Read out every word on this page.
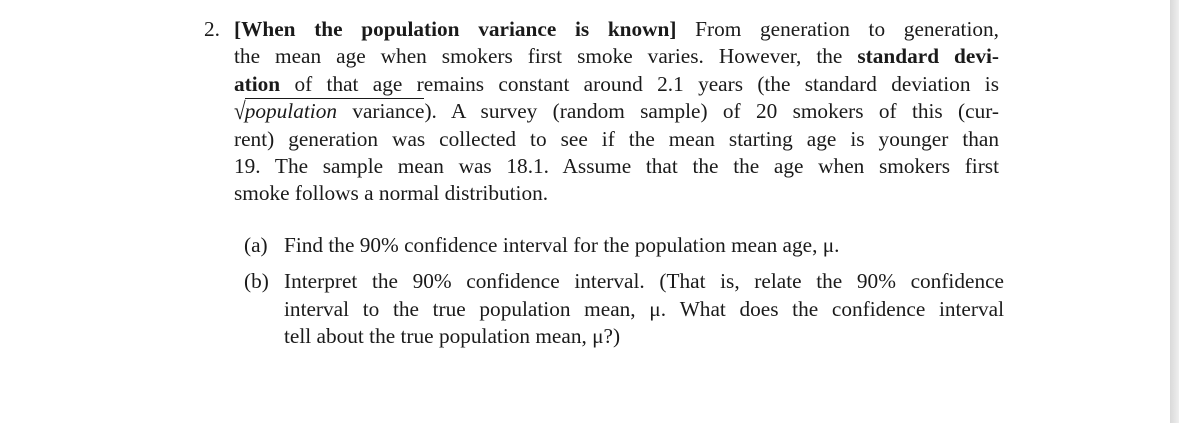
2. [When the population variance is known] From generation to generation,
the mean age when smokers first smoke varies. However, the standard devi-
ation of that age remains constant around 2.1 years (the standard deviation is
√population variance). A survey (random sample) of 20 smokers of this (cur-
rent) generation was collected to see if the mean starting age is younger than
19. The sample mean was 18.1. Assume that the the age when smokers first
smoke follows a normal distribution.
(a) Find the 90% confidence interval for the population mean age, μ.
(b) Interpret the 90% confidence interval. (That is, relate the 90% confidence
interval to the true population mean, μ. What does the confidence interval
tell about the true population mean, μ?)
